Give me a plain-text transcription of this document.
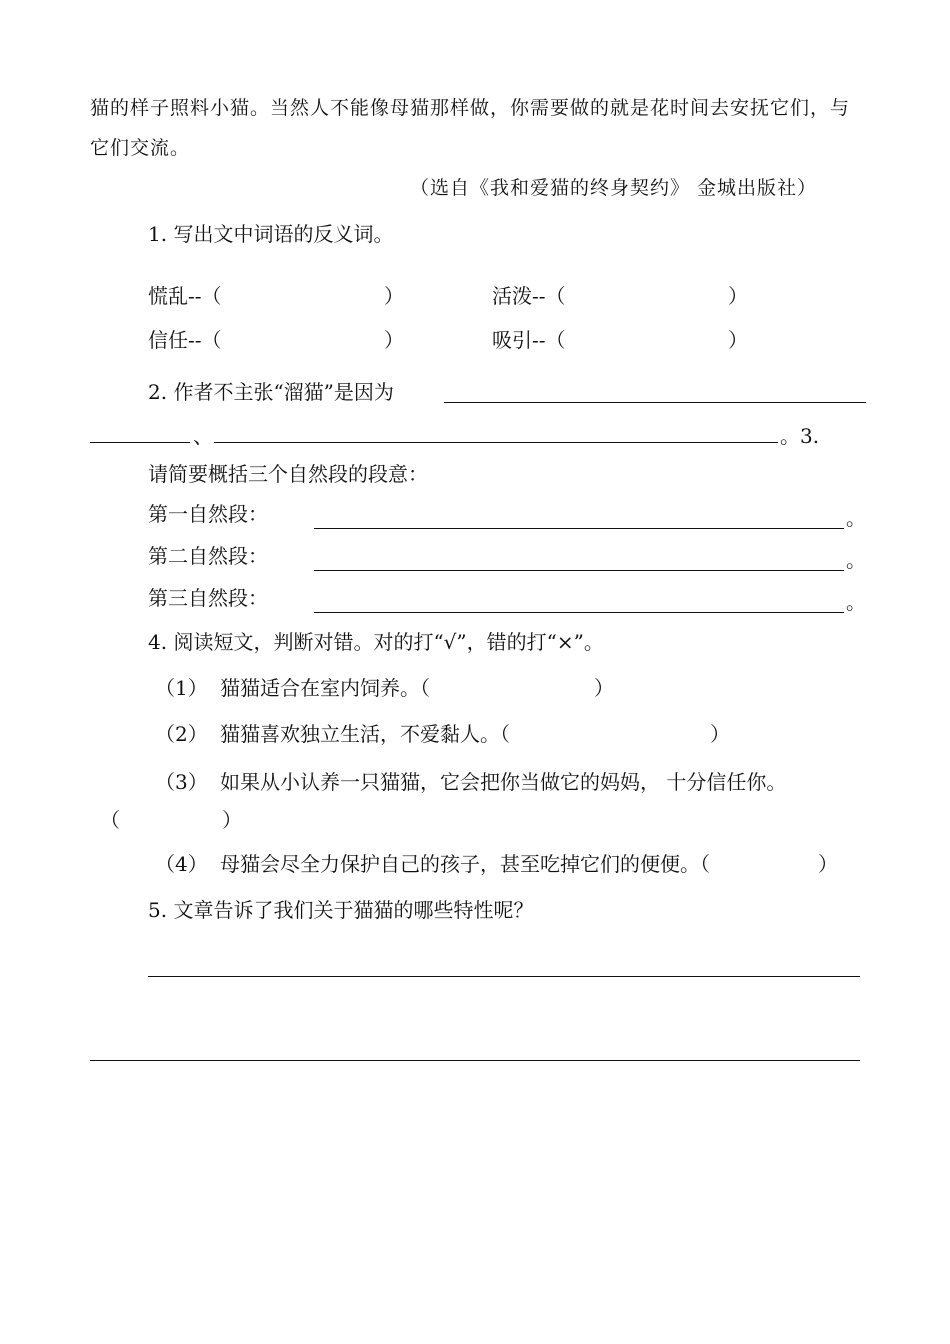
猫的样子照料小猫。当然人不能像母猫那样做，你需要做的就是花时间去安抚它们，与
它们交流。
（选自《我和爱猫的终身契约》 金城出版社）
1. 写出文中词语的反义词。
慌乱--（	）	活泼--（	）
信任--（	）	吸引--（	）
2. 作者不主张“溜猫”是因为
、	。3.
请简要概括三个自然段的段意：
第一自然段：	。
第二自然段：	。
第三自然段：	。
4. 阅读短文，判断对错。对的打“√”，错的打“×”。
（1） 猫猫适合在室内饲养。（	）
（2） 猫猫喜欢独立生活，不爱黏人。（	）
（3） 如果从小认养一只猫猫，它会把你当做它的妈妈， 十分信任你。
（	）
（4） 母猫会尽全力保护自己的孩子，甚至吃掉它们的便便。（	）
5. 文章告诉了我们关于猫猫的哪些特性呢？
